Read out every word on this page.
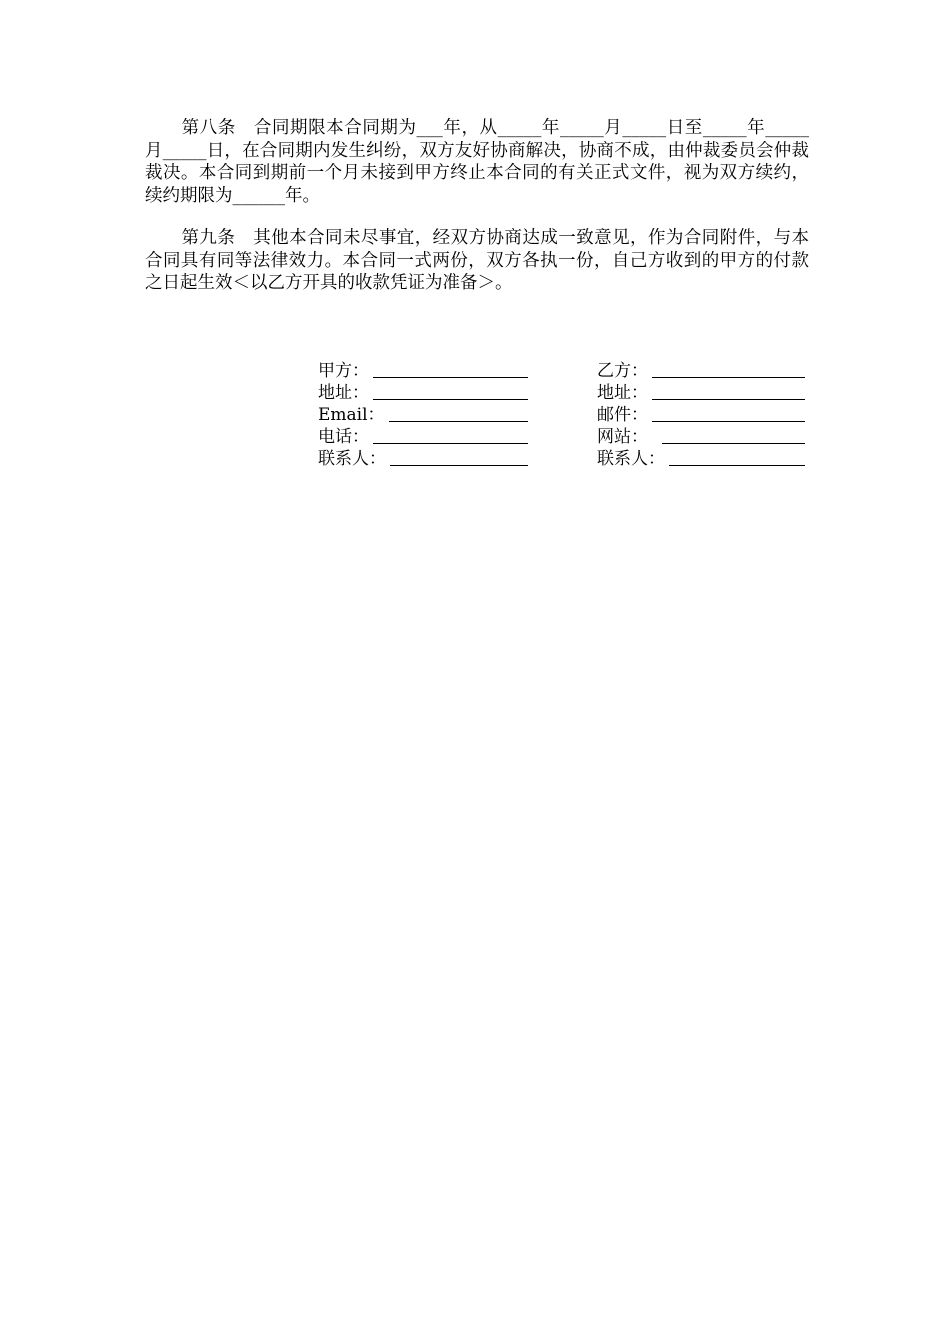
第八条　 合同期限本合同期为___年，从_____年_____月_____日至_____年_____月_____日，在合同期内发生纠纷，双方友好协商解决，协商不成，由仲裁委员会仲裁裁决。本合同到期前一个月未接到甲方终止本合同的有关正式文件，视为双方续约，续约期限为______年。

第九条　 其他本合同未尽事宜，经双方协商达成一致意见，作为合同附件，与本合同具有同等法律效力。本合同一式两份，双方各执一份，自己方收到的甲方的付款之日起生效＜以乙方开具的收款凭证为准备＞。

甲方：
地址：
Email：
电话：
联系人：
乙方：
地址：
邮件：
网站：
联系人：
